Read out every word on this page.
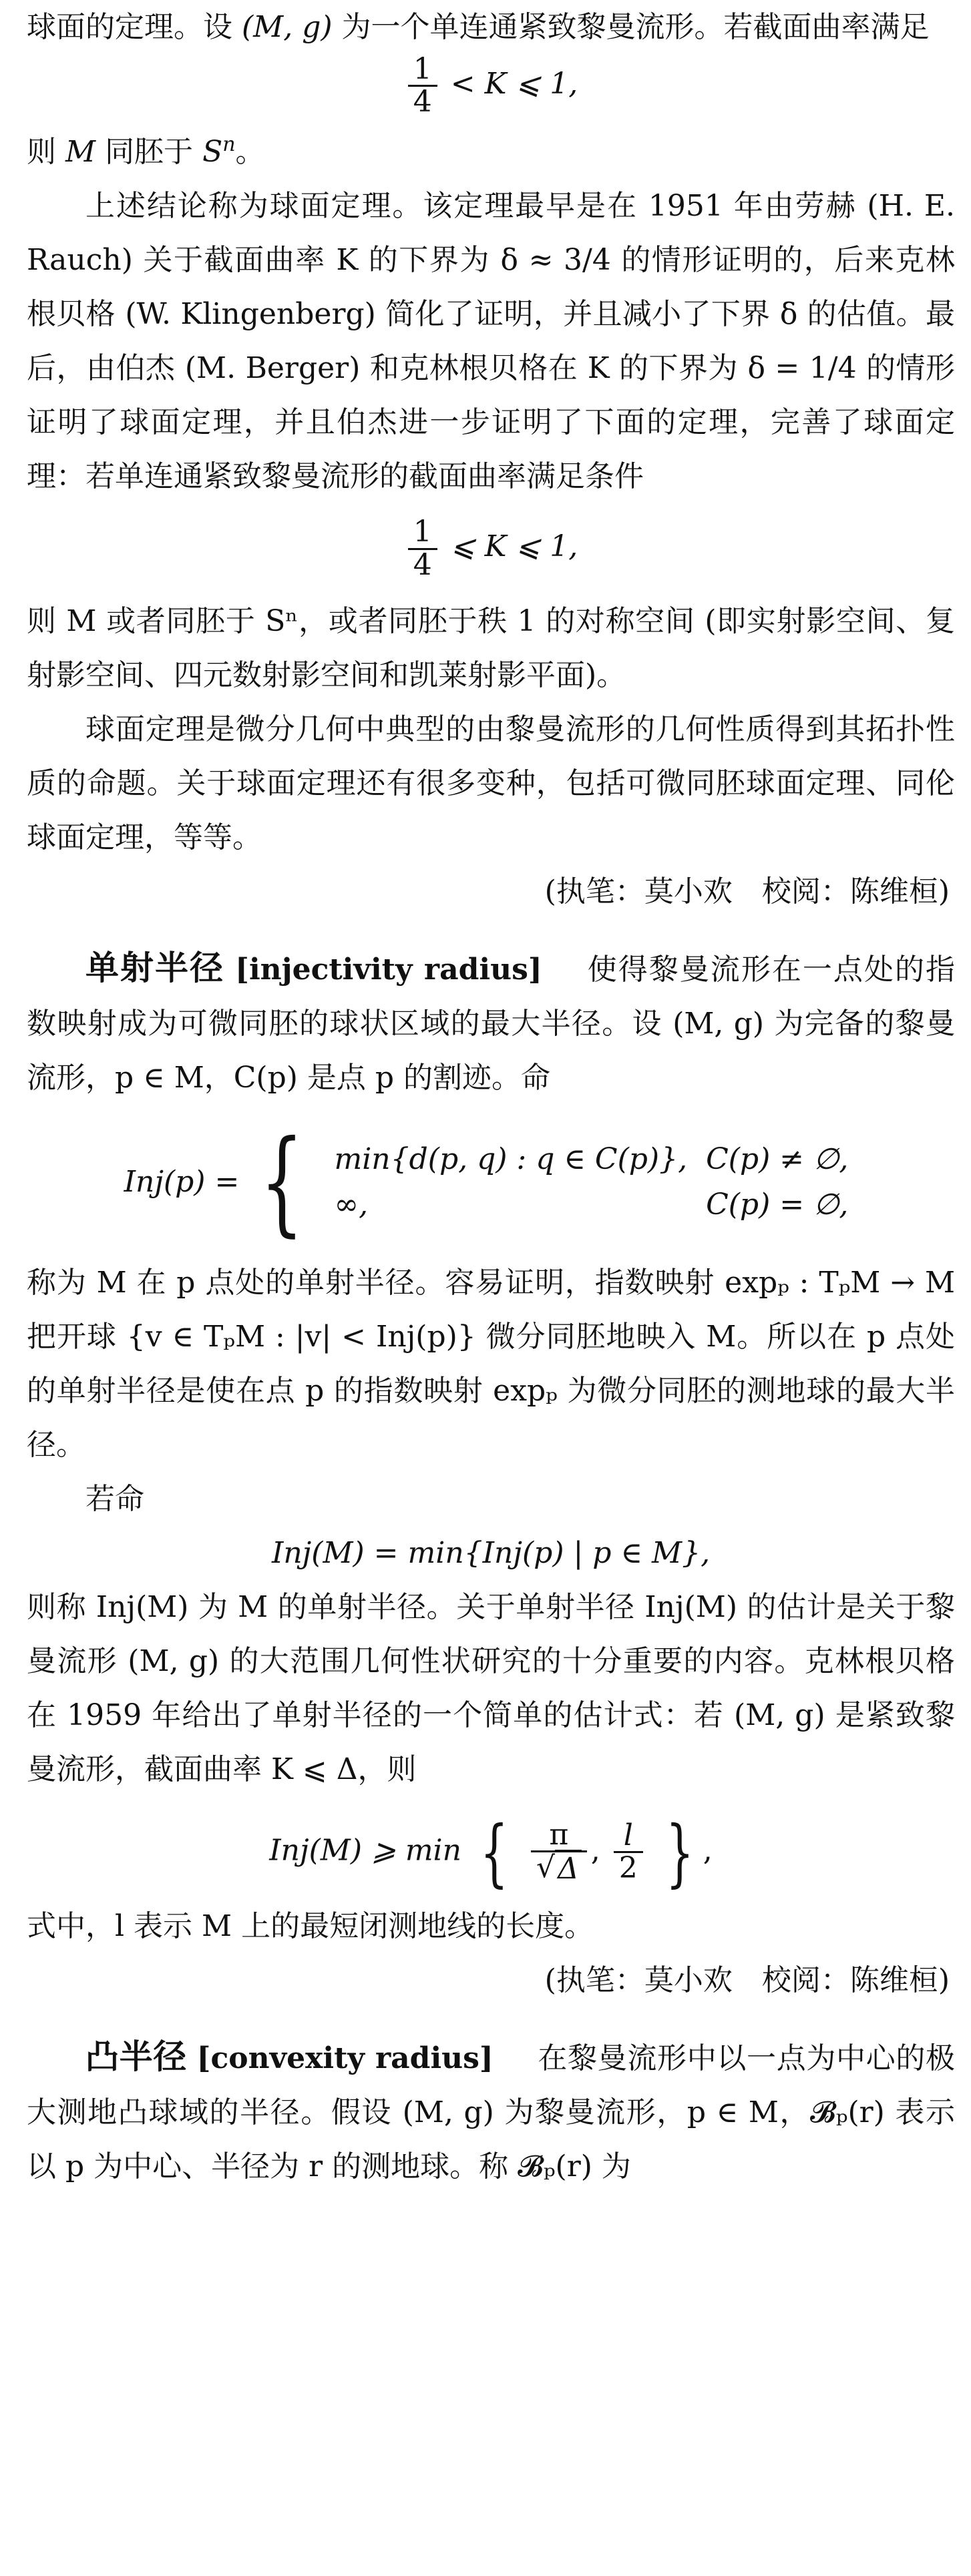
球面的定理。设 (M, g) 为一个单连通紧致黎曼流形。若截面曲率满足

$\frac{1}{4} < K$ ⩽ 1,

则 M 同胚于 $S^n$。

上述结论称为球面定理。该定理最早是在 1951 年由劳赫 (H. E. Rauch) 关于截面曲率 K 的下界为 δ ≈ 3/4 的情形证明的，后来克林根贝格 (W. Klingenberg) 简化了证明，并且减小了下界 δ 的估值。最后，由伯杰 (M. Berger) 和克林根贝格在 K 的下界为 δ = 1/4 的情形证明了球面定理，并且伯杰进一步证明了下面的定理，完善了球面定理：若单连通紧致黎曼流形的截面曲率满足条件

$\frac{1}{4}$ ⩽ K ⩽ 1,

则 M 或者同胚于 Sⁿ，或者同胚于秩 1 的对称空间 (即实射影空间、复射影空间、四元数射影空间和凯莱射影平面)。

球面定理是微分几何中典型的由黎曼流形的几何性质得到其拓扑性质的命题。关于球面定理还有很多变种，包括可微同胚球面定理、同伦球面定理，等等。

(执笔：莫小欢　校阅：陈维桓)

单射半径 [injectivity radius] 使得黎曼流形在一点处的指数映射成为可微同胚的球状区域的最大半径。设 (M, g) 为完备的黎曼流形，p ∈ M，C(p) 是点 p 的割迹。命

Inj(p) = { min{d(p, q) : q ∈ C(p)},	C(p) ≠ ∅,
∞,	C(p) = ∅,

称为 M 在 p 点处的单射半径。容易证明，指数映射 expₚ : TₚM → M 把开球 {v ∈ TₚM : |v| < Inj(p)} 微分同胚地映入 M。所以在 p 点处的单射半径是使在点 p 的指数映射 expₚ 为微分同胚的测地球的最大半径。

若命

Inj(M) = min{Inj(p) | p ∈ M},

则称 Inj(M) 为 M 的单射半径。关于单射半径 Inj(M) 的估计是关于黎曼流形 (M, g) 的大范围几何性状研究的十分重要的内容。克林根贝格在 1959 年给出了单射半径的一个简单的估计式：若 (M, g) 是紧致黎曼流形，截面曲率 K ⩽ Δ，则

Inj(M) ⩾ min { $\frac{\pi}{√\Delta}$ , $\frac{l}{2}$ } ,

式中，l 表示 M 上的最短闭测地线的长度。

(执笔：莫小欢　校阅：陈维桓)

凸半径 [convexity radius] 在黎曼流形中以一点为中心的极大测地凸球域的半径。假设 (M, g) 为黎曼流形，p ∈ M，𝓑ₚ(r) 表示以 p 为中心、半径为 r 的测地球。称 𝓑ₚ(r) 为
